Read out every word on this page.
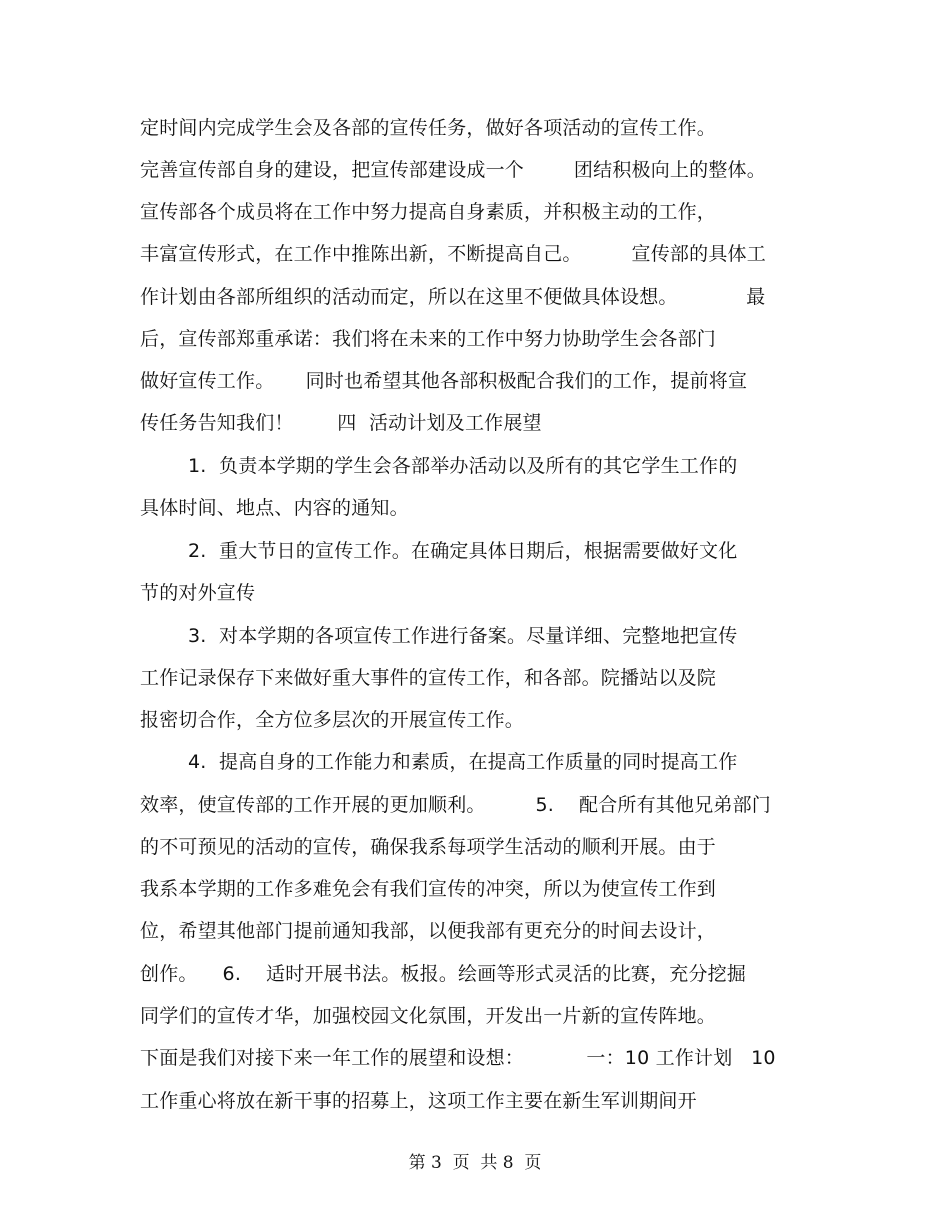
定时间内完成学生会及各部的宣传任务，做好各项活动的宣传工作。
完善宣传部自身的建设，把宣传部建设成一个        团结积极向上的整体。
宣传部各个成员将在工作中努力提高自身素质，并积极主动的工作，
丰富宣传形式，在工作中推陈出新，不断提高自己。        宣传部的具体工
作计划由各部所组织的活动而定，所以在这里不便做具体设想。           最
后，宣传部郑重承诺：我们将在未来的工作中努力协助学生会各部门
做好宣传工作。     同时也希望其他各部积极配合我们的工作，提前将宣
传任务告知我们！       四  活动计划及工作展望
1.  负责本学期的学生会各部举办活动以及所有的其它学生工作的
具体时间、地点、内容的通知。
2.  重大节日的宣传工作。在确定具体日期后，根据需要做好文化
节的对外宣传
3.  对本学期的各项宣传工作进行备案。尽量详细、完整地把宣传
工作记录保存下来做好重大事件的宣传工作，和各部。院播站以及院
报密切合作，全方位多层次的开展宣传工作。
4.  提高自身的工作能力和素质，在提高工作质量的同时提高工作
效率，使宣传部的工作开展的更加顺利。        5.    配合所有其他兄弟部门
的不可预见的活动的宣传，确保我系每项学生活动的顺利开展。由于
我系本学期的工作多难免会有我们宣传的冲突，所以为使宣传工作到
位，希望其他部门提前通知我部，以便我部有更充分的时间去设计，
创作。    6.    适时开展书法。板报。绘画等形式灵活的比赛，充分挖掘
同学们的宣传才华，加强校园文化氛围，开发出一片新的宣传阵地。
下面是我们对接下来一年工作的展望和设想：          一：10 工作计划   10
工作重心将放在新干事的招募上，这项工作主要在新生军训期间开
第 3  页  共 8  页
